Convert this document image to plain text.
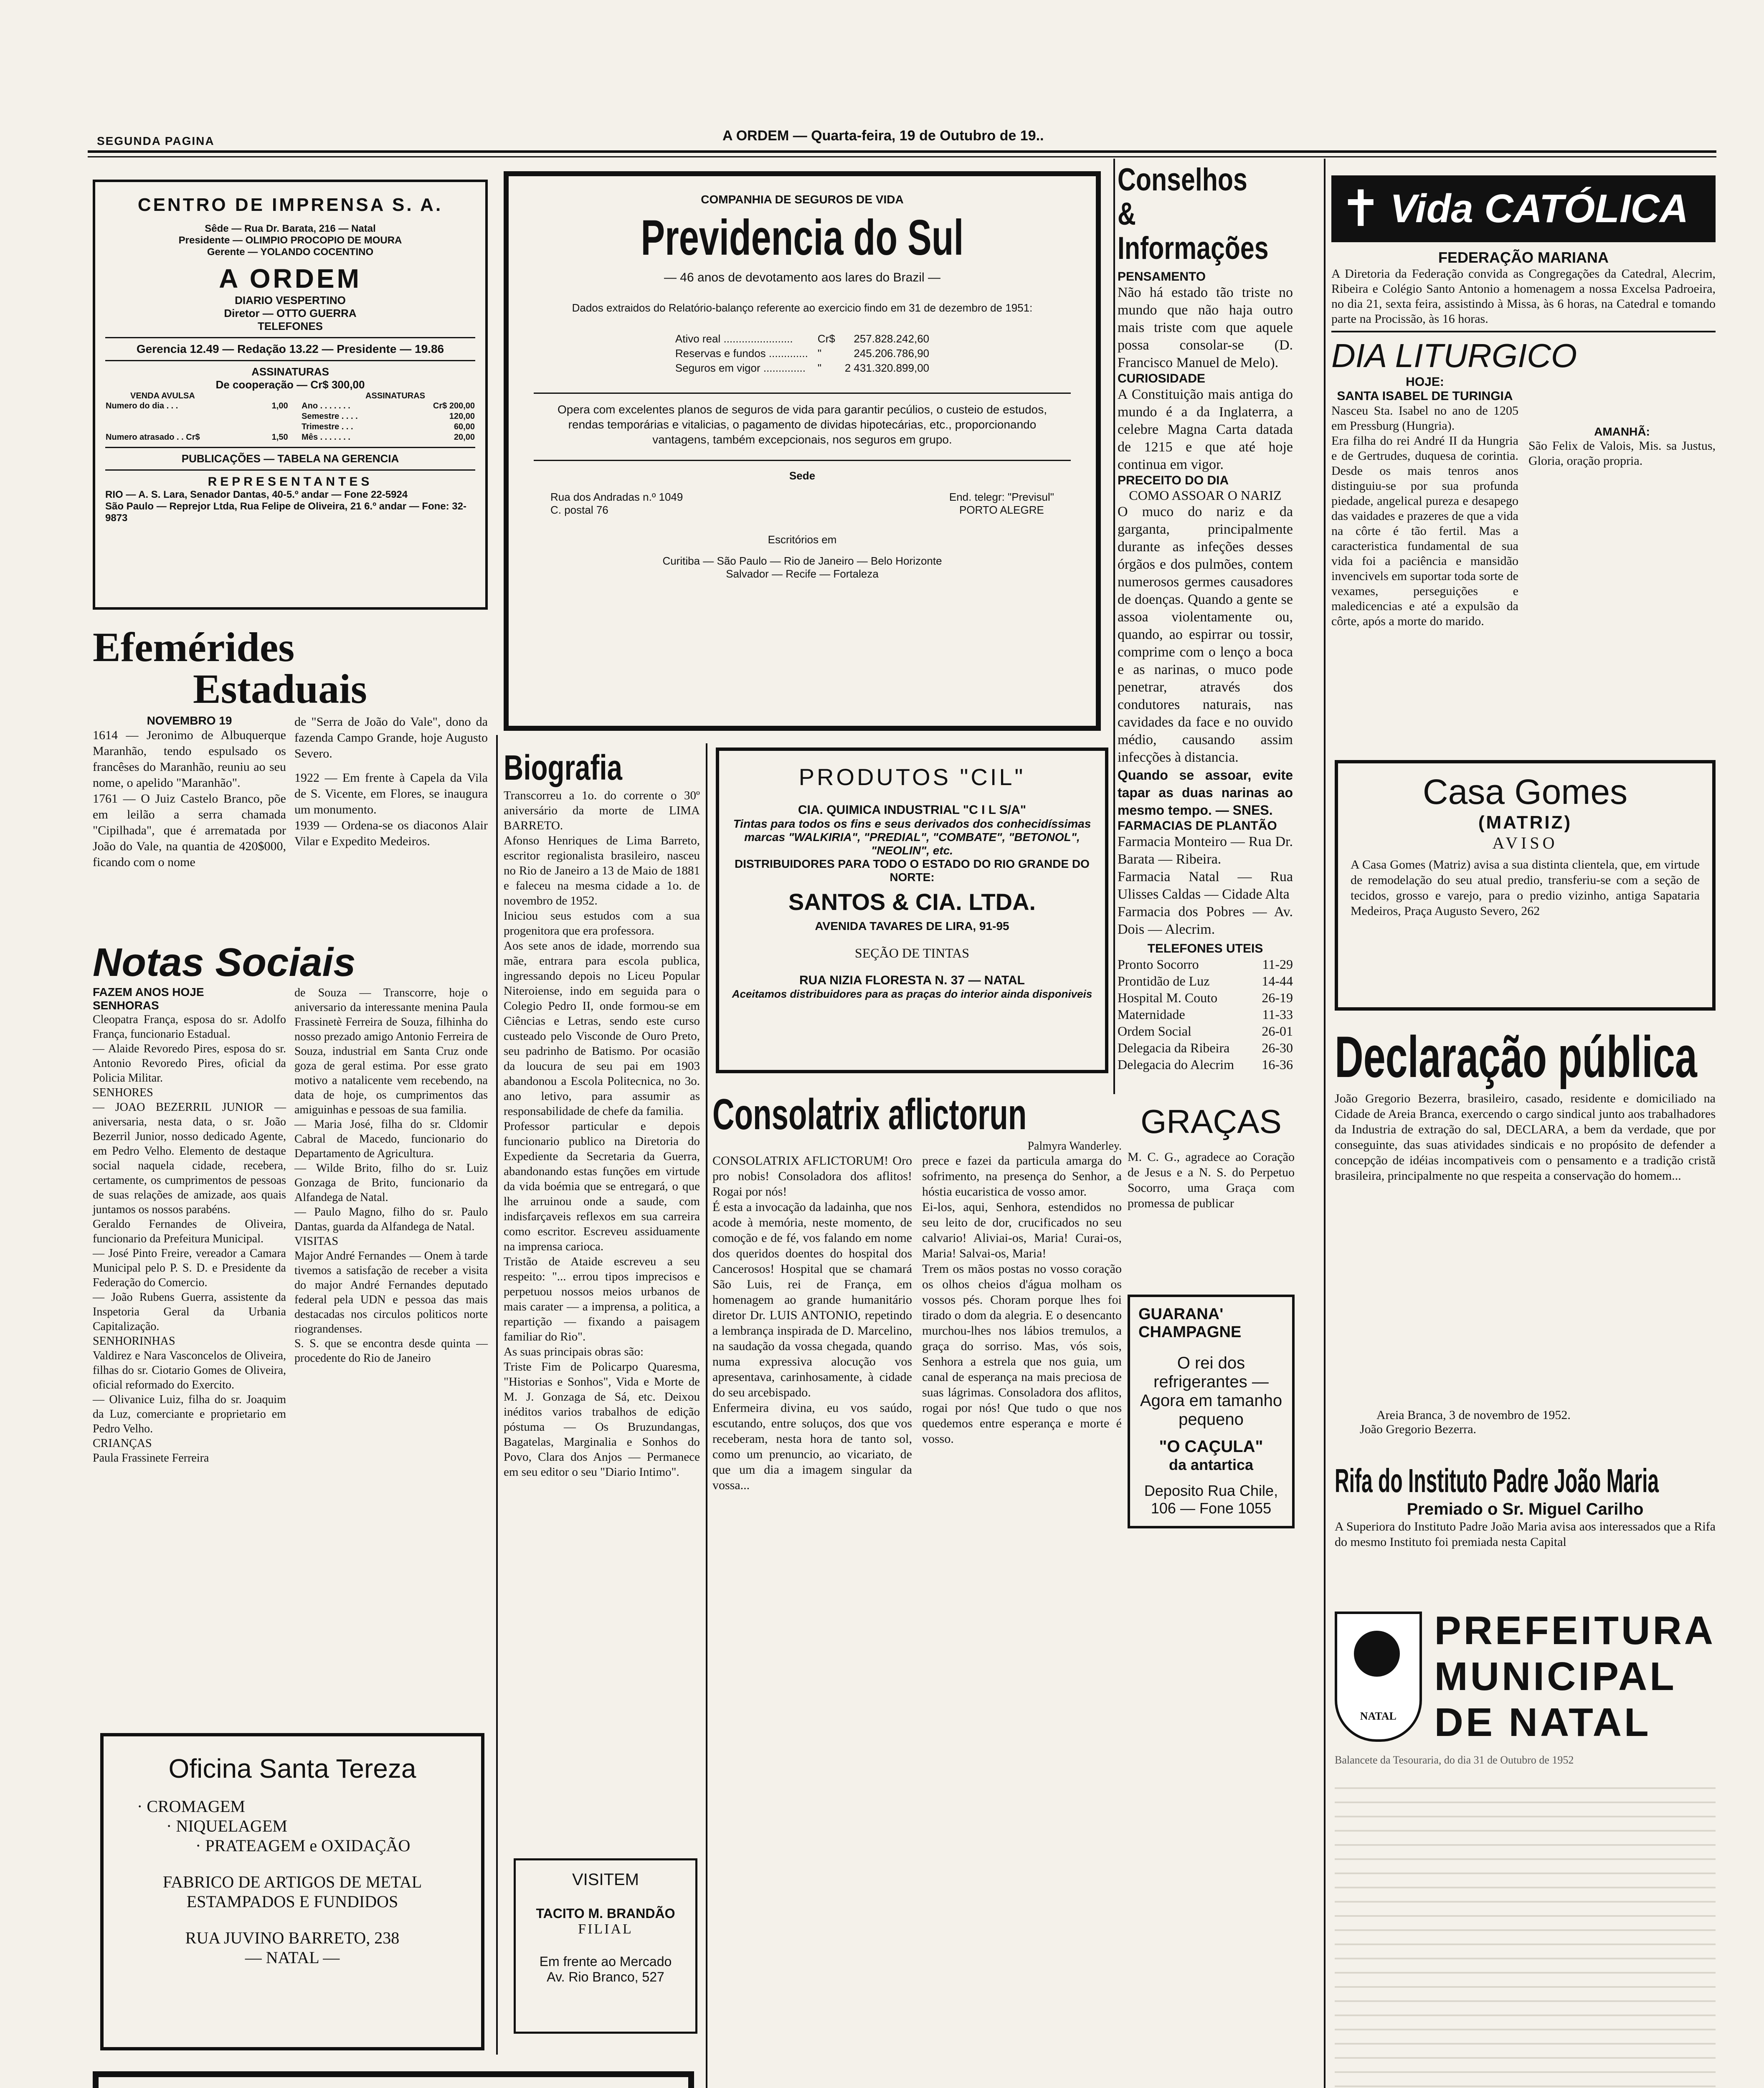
SEGUNDA PAGINA	A ORDEM — Quarta-feira, 19 de Outubro de 19..
CENTRO DE IMPRENSA S. A.
Sêde — Rua Dr. Barata, 216 — Natal
Presidente — OLIMPIO PROCOPIO DE MOURA
Gerente — YOLANDO COCENTINO
A ORDEM
DIARIO VESPERTINO
Diretor — OTTO GUERRA
TELEFONES
Gerencia 12.49 — Redação 13.22 — Presidente — 19.86
ASSINATURAS
De cooperação — Cr$ 300,00
VENDA AVULSA	ASSINATURAS
Numero do dia . . .	1,00	Ano . . . . . . .	Cr$ 200,00
		Semestre . . . .	120,00
		Trimestre . . .	60,00
Numero atrasado . . Cr$	1,50	Mês . . . . . . .	20,00
PUBLICAÇÕES — TABELA NA GERENCIA
REPRESENTANTES
RIO — A. S. Lara, Senador Dantas, 40-5.º andar — Fone 22-5924
São Paulo — Reprejor Ltda, Rua Felipe de Oliveira, 21 6.º andar — Fone: 32-9873
COMPANHIA DE SEGUROS DE VIDA
Previdencia do Sul
— 46 anos de devotamento aos lares do Brazil —
Dados extraidos do Relatório-balanço referente ao exercicio findo em 31 de dezembro de 1951:
Ativo real .......................	Cr$	257.828.242,60
Reservas e fundos .............	"	245.206.786,90
Seguros em vigor ..............	"	2 431.320.899,00
Opera com excelentes planos de seguros de vida para garantir pecúlios, o custeio de estudos, rendas temporárias e vitalicias, o pagamento de dividas hipotecárias, etc., proporcionando vantagens, também excepcionais, nos seguros em grupo.
Sede
Rua dos Andradas n.º 1049
C. postal 76
End. telegr: "Previsul"
PORTO ALEGRE
Escritórios em
Curitiba — São Paulo — Rio de Janeiro — Belo Horizonte
Salvador — Recife — Fortaleza
Conselhos &
Informações
PENSAMENTO
Não há estado tão triste no mundo que não haja outro mais triste com que aquele possa consolar-se (D. Francisco Manuel de Melo).
CURIOSIDADE
A Constituição mais antiga do mundo é a da Inglaterra, a celebre Magna Carta datada de 1215 e que até hoje continua em vigor.
PRECEITO DO DIA
COMO ASSOAR O NARIZ
O muco do nariz e da garganta, principalmente durante as infeções desses órgãos e dos pulmões, contem numerosos germes causadores de doenças. Quando a gente se assoa violentamente ou, quando, ao espirrar ou tossir, comprime com o lenço a boca e as narinas, o muco pode penetrar, através dos condutores naturais, nas cavidades da face e no ouvido médio, causando assim infecções à distancia.
Quando se assoar, evite tapar as duas narinas ao mesmo tempo. — SNES.
FARMACIAS DE PLANTÃO
Farmacia Monteiro — Rua Dr. Barata — Ribeira.
Farmacia Natal — Rua Ulisses Caldas — Cidade Alta
Farmacia dos Pobres — Av. Dois — Alecrim.
TELEFONES UTEIS
Pronto Socorro	11-29
Prontidão de Luz	14-44
Hospital M. Couto	26-19
Maternidade	11-33
Ordem Social	26-01
Delegacia da Ribeira 26-30
Delegacia do Alecrim 16-36
✝ Vida CATÓLICA
FEDERAÇÃO MARIANA
A Diretoria da Federação convida as Congregações da Catedral, Alecrim, Ribeira e Colégio Santo Antonio a homenagem a nossa Excelsa Padroeira, no dia 21, sexta feira, assistindo à Missa, às 6 horas, na Catedral e tomando parte na Procissão, às 16 horas.
DIA LITURGICO
HOJE:
SANTA ISABEL DE TURINGIA
Nasceu Sta. Isabel no ano de 1205 em Pressburg (Hungria).
Era filha do rei André II da Hungria e de Gertrudes, duquesa de corintia. Desde os mais tenros anos distinguiu-se por sua profunda piedade, angelical pureza e desapego das vaidades e prazeres de que a vida na côrte é tão fertil. Mas a caracteristica fundamental de sua vida foi a paciência e mansidão invencivels em suportar toda sorte de vexames, perseguições e maledicencias e até a expulsão da côrte, após a morte do marido.
AMANHÃ:
São Felix de Valois, Mis. sa Justus, Gloria, oração propria.
Efemérides
Estaduais
NOVEMBRO 19
1614 — Jeronimo de Albuquerque Maranhão, tendo espulsado os francêses do Maranhão, reuniu ao seu nome, o apelido "Maranhão".
1761 — O Juiz Castelo Branco, põe em leilão a serra chamada "Cipilhada", que é arrematada por João do Vale, na quantia de 420$000, ficando com o nome
de "Serra de João do Vale", dono da fazenda Campo Grande, hoje Augusto Severo.
1922 — Em frente à Capela da Vila de S. Vicente, em Flores, se inaugura um monumento.
1939 — Ordena-se os diaconos Alair Vilar e Expedito Medeiros.
Notas Sociais
FAZEM ANOS HOJE
SENHORAS
Cleopatra França, esposa do sr. Adolfo França, funcionario Estadual.
— Alaide Revoredo Pires, esposa do sr. Antonio Revoredo Pires, oficial da Policia Militar.
SENHORES
— JOAO BEZERRIL JUNIOR — aniversaria, nesta data, o sr. João Bezerril Junior, nosso dedicado Agente, em Pedro Velho. Elemento de destaque social naquela cidade, recebera, certamente, os cumprimentos de pessoas de suas relações de amizade, aos quais juntamos os nossos parabéns.
Geraldo Fernandes de Oliveira, funcionario da Prefeitura Municipal.
— José Pinto Freire, vereador a Camara Municipal pelo P. S. D. e Presidente da Federação do Comercio.
— João Rubens Guerra, assistente da Inspetoria Geral da Urbania Capitalização.
SENHORINHAS
Valdirez e Nara Vasconcelos de Oliveira, filhas do sr. Ciotario Gomes de Oliveira, oficial reformado do Exercito.
— Olivanice Luiz, filha do sr. Joaquim da Luz, comerciante e proprietario em Pedro Velho.
CRIANÇAS
Paula Frassinete Ferreira
de Souza — Transcorre, hoje o aniversario da interessante menina Paula Frassinetè Ferreira de Souza, filhinha do nosso prezado amigo Antonio Ferreira de Souza, industrial em Santa Cruz onde goza de geral estima. Por esse grato motivo a natalicente vem recebendo, na data de hoje, os cumprimentos das amiguinhas e pessoas de sua familia.
— Maria José, filha do sr. Cldomir Cabral de Macedo, funcionario do Departamento de Agricultura.
— Wilde Brito, filho do sr. Luiz Gonzaga de Brito, funcionario da Alfandega de Natal.
— Paulo Magno, filho do sr. Paulo Dantas, guarda da Alfandega de Natal.
VISITAS
Major André Fernandes — Onem à tarde tivemos a satisfação de receber a visita do major André Fernandes deputado federal pela UDN e pessoa das mais destacadas nos circulos politicos norte riograndenses.
S. S. que se encontra desde quinta — procedente do Rio de Janeiro
Oficina Santa Tereza
· CROMAGEM
· NIQUELAGEM
· PRATEAGEM e OXIDAÇÃO
FABRICO DE ARTIGOS DE METAL
ESTAMPADOS E FUNDIDOS
RUA JUVINO BARRETO, 238
— NATAL —
Biografia
Transcorreu a 1o. do corrente o 30º aniversário da morte de LIMA BARRETO.
Afonso Henriques de Lima Barreto, escritor regionalista brasileiro, nasceu no Rio de Janeiro a 13 de Maio de 1881 e faleceu na mesma cidade a 1o. de novembro de 1952.
Iniciou seus estudos com a sua progenitora que era professora.
Aos sete anos de idade, morrendo sua mãe, entrara para escola publica, ingressando depois no Liceu Popular Niteroiense, indo em seguida para o Colegio Pedro II, onde formou-se em Ciências e Letras, sendo este curso custeado pelo Visconde de Ouro Preto, seu padrinho de Batismo. Por ocasião da loucura de seu pai em 1903 abandonou a Escola Politecnica, no 3o. ano letivo, para assumir as responsabilidade de chefe da familia.
Professor particular e depois funcionario publico na Diretoria do Expediente da Secretaria da Guerra, abandonando estas funções em virtude da vida boémia que se entregará, o que lhe arruinou onde a saude, com indisfarçaveis reflexos em sua carreira como escritor. Escreveu assiduamente na imprensa carioca.
Tristão de Ataide escreveu a seu respeito: "... errou tipos imprecisos e perpetuou nossos meios urbanos de mais carater — a imprensa, a politica, a repartição — fixando a paisagem familiar do Rio".
As suas principais obras são:
Triste Fim de Policarpo Quaresma, "Historias e Sonhos", Vida e Morte de M. J. Gonzaga de Sá, etc. Deixou inéditos varios trabalhos de edição póstuma — Os Bruzundangas, Bagatelas, Marginalia e Sonhos do Povo, Clara dos Anjos — Permanece em seu editor o seu "Diario Intimo".
VISITEM
TACITO M. BRANDÃO
FILIAL
Em frente ao Mercado
Av. Rio Branco, 527
PRODUTOS "CIL"
CIA. QUIMICA INDUSTRIAL "C I L S/A"
Tintas para todos os fins e seus derivados dos conhecidíssimas marcas "WALKIRIA", "PREDIAL", "COMBATE", "BETONOL", "NEOLIN", etc.
DISTRIBUIDORES PARA TODO O ESTADO DO RIO GRANDE DO NORTE:
SANTOS & CIA. LTDA.
AVENIDA TAVARES DE LIRA, 91-95
SEÇÃO DE TINTAS
RUA NIZIA FLORESTA N. 37 — NATAL
Aceitamos distribuidores para as praças do interior ainda disponiveis
Consolatrix aflictorun
Palmyra Wanderley.
CONSOLATRIX AFLICTORUM! Oro pro nobis! Consoladora dos aflitos! Rogai por nós!
É esta a invocação da ladainha, que nos acode à memória, neste momento, de comoção e de fé, vos falando em nome dos queridos doentes do hospital dos Cancerosos! Hospital que se chamará São Luis, rei de França, em homenagem ao grande humanitário diretor Dr. LUIS ANTONIO, repetindo a lembrança inspirada de D. Marcelino, na saudação da vossa chegada, quando numa expressiva alocução vos apresentava, carinhosamente, à cidade do seu arcebispado.
Enfermeira divina, eu vos saúdo, escutando, entre soluços, dos que vos receberam, nesta hora de tanto sol, como um prenuncio, ao vicariato, de que um dia a imagem singular da vossa...
prece e fazei da particula amarga do sofrimento, na presença do Senhor, a hóstia eucaristica de vosso amor.
Ei-los, aqui, Senhora, estendidos no seu leito de dor, crucificados no seu calvario! Aliviai-os, Maria! Curai-os, Maria! Salvai-os, Maria!
Trem os mãos postas no vosso coração os olhos cheios d'água molham os vossos pés. Choram porque lhes foi tirado o dom da alegria. E o desencanto murchou-lhes nos lábios tremulos, a graça do sorriso. Mas, vós sois, Senhora a estrela que nos guia, um canal de esperança na mais preciosa de suas lágrimas. Consoladora dos aflitos, rogai por nós! Que tudo o que nos quedemos entre esperança e morte é vosso.
GRAÇAS
M. C. G., agradece ao Coração de Jesus e a N. S. do Perpetuo Socorro, uma Graça com promessa de publicar
GUARANA'
CHAMPAGNE
O rei dos refrigerantes — Agora em tamanho pequeno
"O CAÇULA"
da antartica
Deposito Rua Chile, 106 — Fone 1055
Casa Gomes
(MATRIZ)
AVISO
A Casa Gomes (Matriz) avisa a sua distinta clientela, que, em virtude de remodelação do seu atual predio, transferiu-se com a seção de tecidos, grosso e varejo, para o predio vizinho, antiga Sapataria Medeiros, Praça Augusto Severo, 262
Declaração pública
João Gregorio Bezerra, brasileiro, casado, residente e domiciliado na Cidade de Areia Branca, exercendo o cargo sindical junto aos trabalhadores da Industria de extração do sal, DECLARA, a bem da verdade, que por conseguinte, das suas atividades sindicais e no propósito de defender a concepção de idéias incompativeis com o pensamento e a tradição cristã brasileira, principalmente no que respeita a conservação do homem...
Areia Branca, 3 de novembro de 1952.
João Gregorio Bezerra.
Rifa do Instituto Padre João Maria
Premiado o Sr. Miguel Carilho
A Superiora do Instituto Padre João Maria avisa aos interessados que a Rifa do mesmo Instituto foi premiada nesta Capital
NATAL
PREFEITURA
MUNICIPAL
DE NATAL
Balancete da Tesouraria, do dia 31 de Outubro de 1952
